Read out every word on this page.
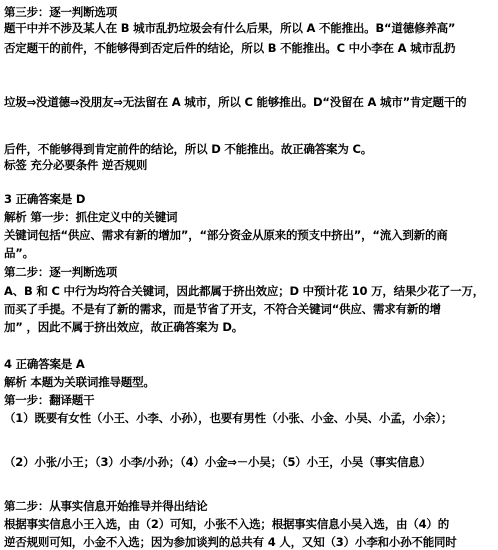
第三步：逐一判断选项
题干中并不涉及某人在 B 城市乱扔垃圾会有什么后果，所以 A 不能推出。B“道德修养高”
否定题干的前件，不能够得到否定后件的结论，所以 B 不能推出。C 中小李在 A 城市乱扔
垃圾⇒没道德⇒没朋友⇒无法留在 A 城市，所以 C 能够推出。D“没留在 A 城市”肯定题干的
后件，不能够得到肯定前件的结论，所以 D 不能推出。故正确答案为 C。
标签 充分必要条件 逆否规则
3 正确答案是 D
解析 第一步：抓住定义中的关键词
关键词包括“供应、需求有新的增加”，“部分资金从原来的预支中挤出”，“流入到新的商
品”。
第二步：逐一判断选项
A、B 和 C 中行为均符合关键词，因此都属于挤出效应；D 中预计花 10 万，结果少花了一万，
而买了手提。不是有了新的需求，而是节省了开支，不符合关键词“供应、需求有新的增
加” ，因此不属于挤出效应，故正确答案为 D。
4 正确答案是 A
解析 本题为关联词推导题型。
第一步：翻译题干
（1）既要有女性（小王、小李、小孙），也要有男性（小张、小金、小吴、小孟，小余）；
（2）小张/小王；（3）小李/小孙；（4）小金⇒－小吴；（5）小王，小吴（事实信息）
第二步：从事实信息开始推导并得出结论
根据事实信息小王入选，由（2）可知，小张不入选；根据事实信息小吴入选，由（4）的
逆否规则可知，小金不入选；因为参加谈判的总共有 4 人，又知（3）小李和小孙不能同时
